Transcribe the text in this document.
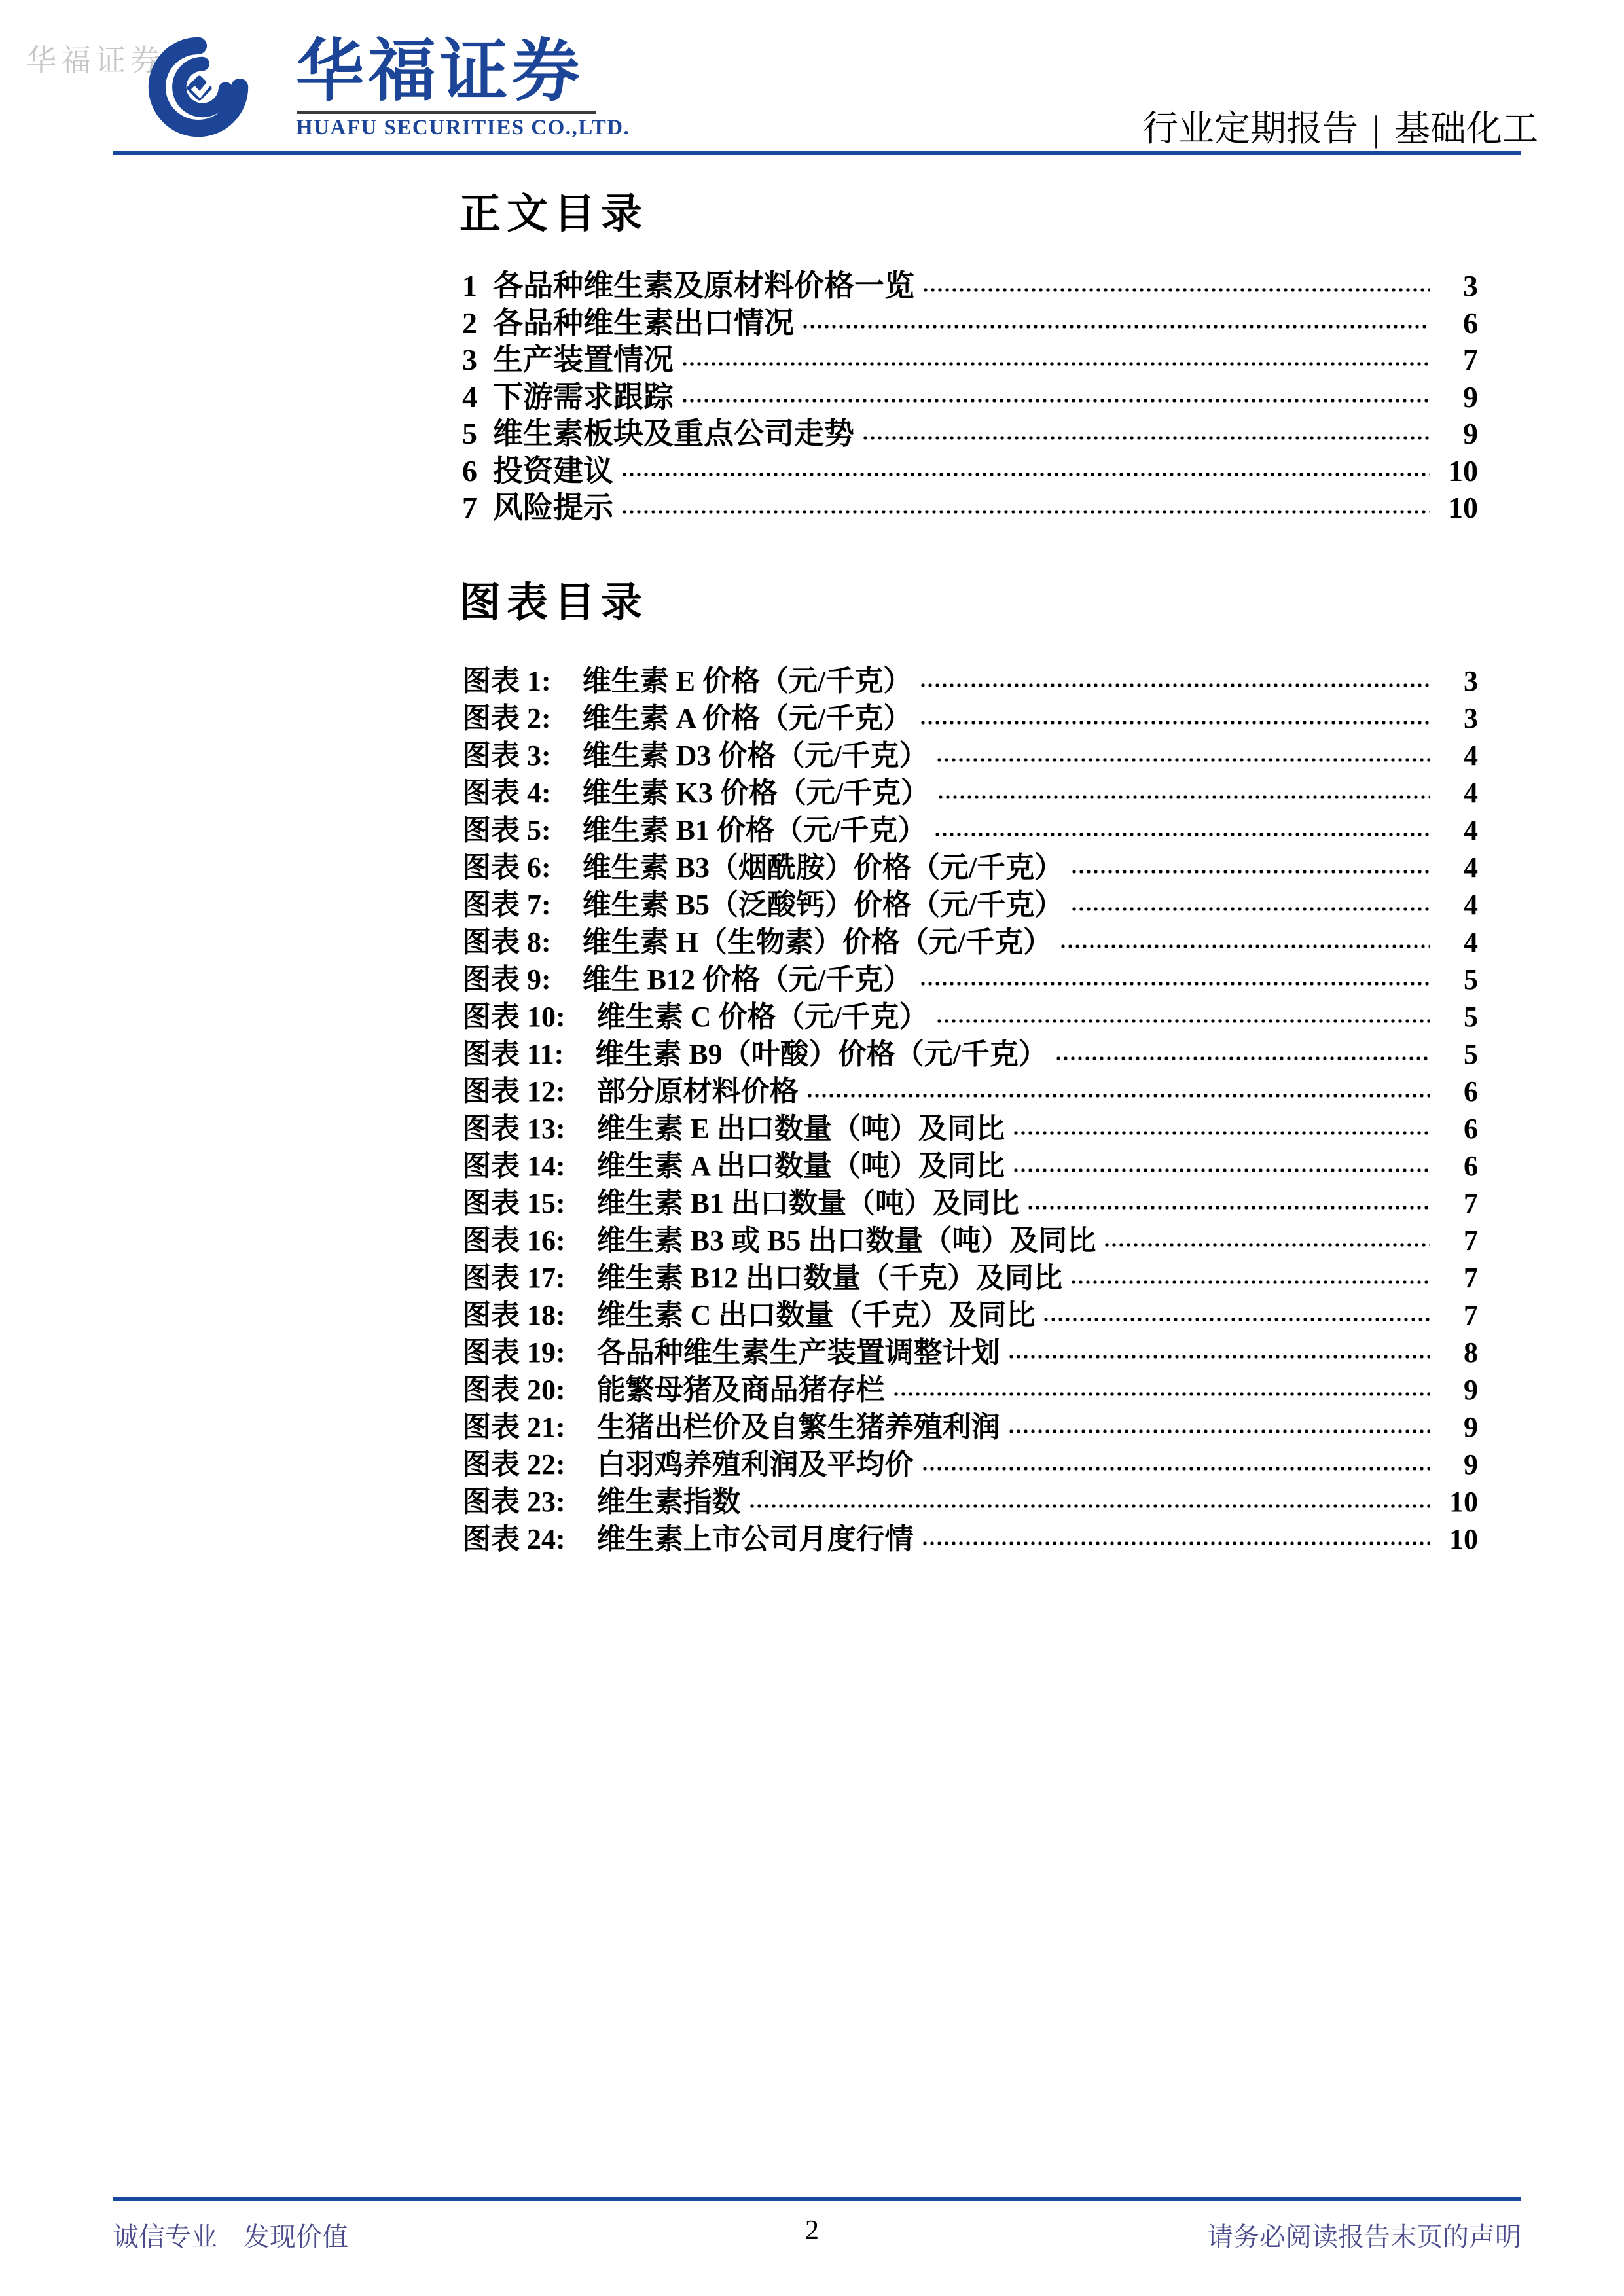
华福证券 华福证券
HUAFU SECURITIES CO.,LTD.	行业定期报告 | 基础化工
正文目录
1 各品种维生素及原材料价格一览	3
2 各品种维生素出口情况	6
3 生产装置情况	7
4 下游需求跟踪	9
5 维生素板块及重点公司走势	9
6 投资建议	10
7 风险提示	10
图表目录
图表 1: 维生素 E 价格（元/千克）	3
图表 2: 维生素 A 价格（元/千克）	3
图表 3: 维生素 D3 价格（元/千克）	4
图表 4: 维生素 K3 价格（元/千克）	4
图表 5: 维生素 B1 价格（元/千克）	4
图表 6: 维生素 B3（烟酰胺）价格（元/千克）	4
图表 7: 维生素 B5（泛酸钙）价格（元/千克）	4
图表 8: 维生素 H（生物素）价格（元/千克）	4
图表 9: 维生 B12 价格（元/千克）	5
图表 10: 维生素 C 价格（元/千克）	5
图表 11: 维生素 B9（叶酸）价格（元/千克）	5
图表 12: 部分原材料价格	6
图表 13: 维生素 E 出口数量（吨）及同比	6
图表 14: 维生素 A 出口数量（吨）及同比	6
图表 15: 维生素 B1 出口数量（吨）及同比	7
图表 16: 维生素 B3 或 B5 出口数量（吨）及同比	7
图表 17: 维生素 B12 出口数量（千克）及同比	7
图表 18: 维生素 C 出口数量（千克）及同比	7
图表 19: 各品种维生素生产装置调整计划	8
图表 20: 能繁母猪及商品猪存栏	9
图表 21: 生猪出栏价及自繁生猪养殖利润	9
图表 22: 白羽鸡养殖利润及平均价	9
图表 23: 维生素指数	10
图表 24: 维生素上市公司月度行情	10
诚信专业　发现价值	2	请务必阅读报告末页的声明
